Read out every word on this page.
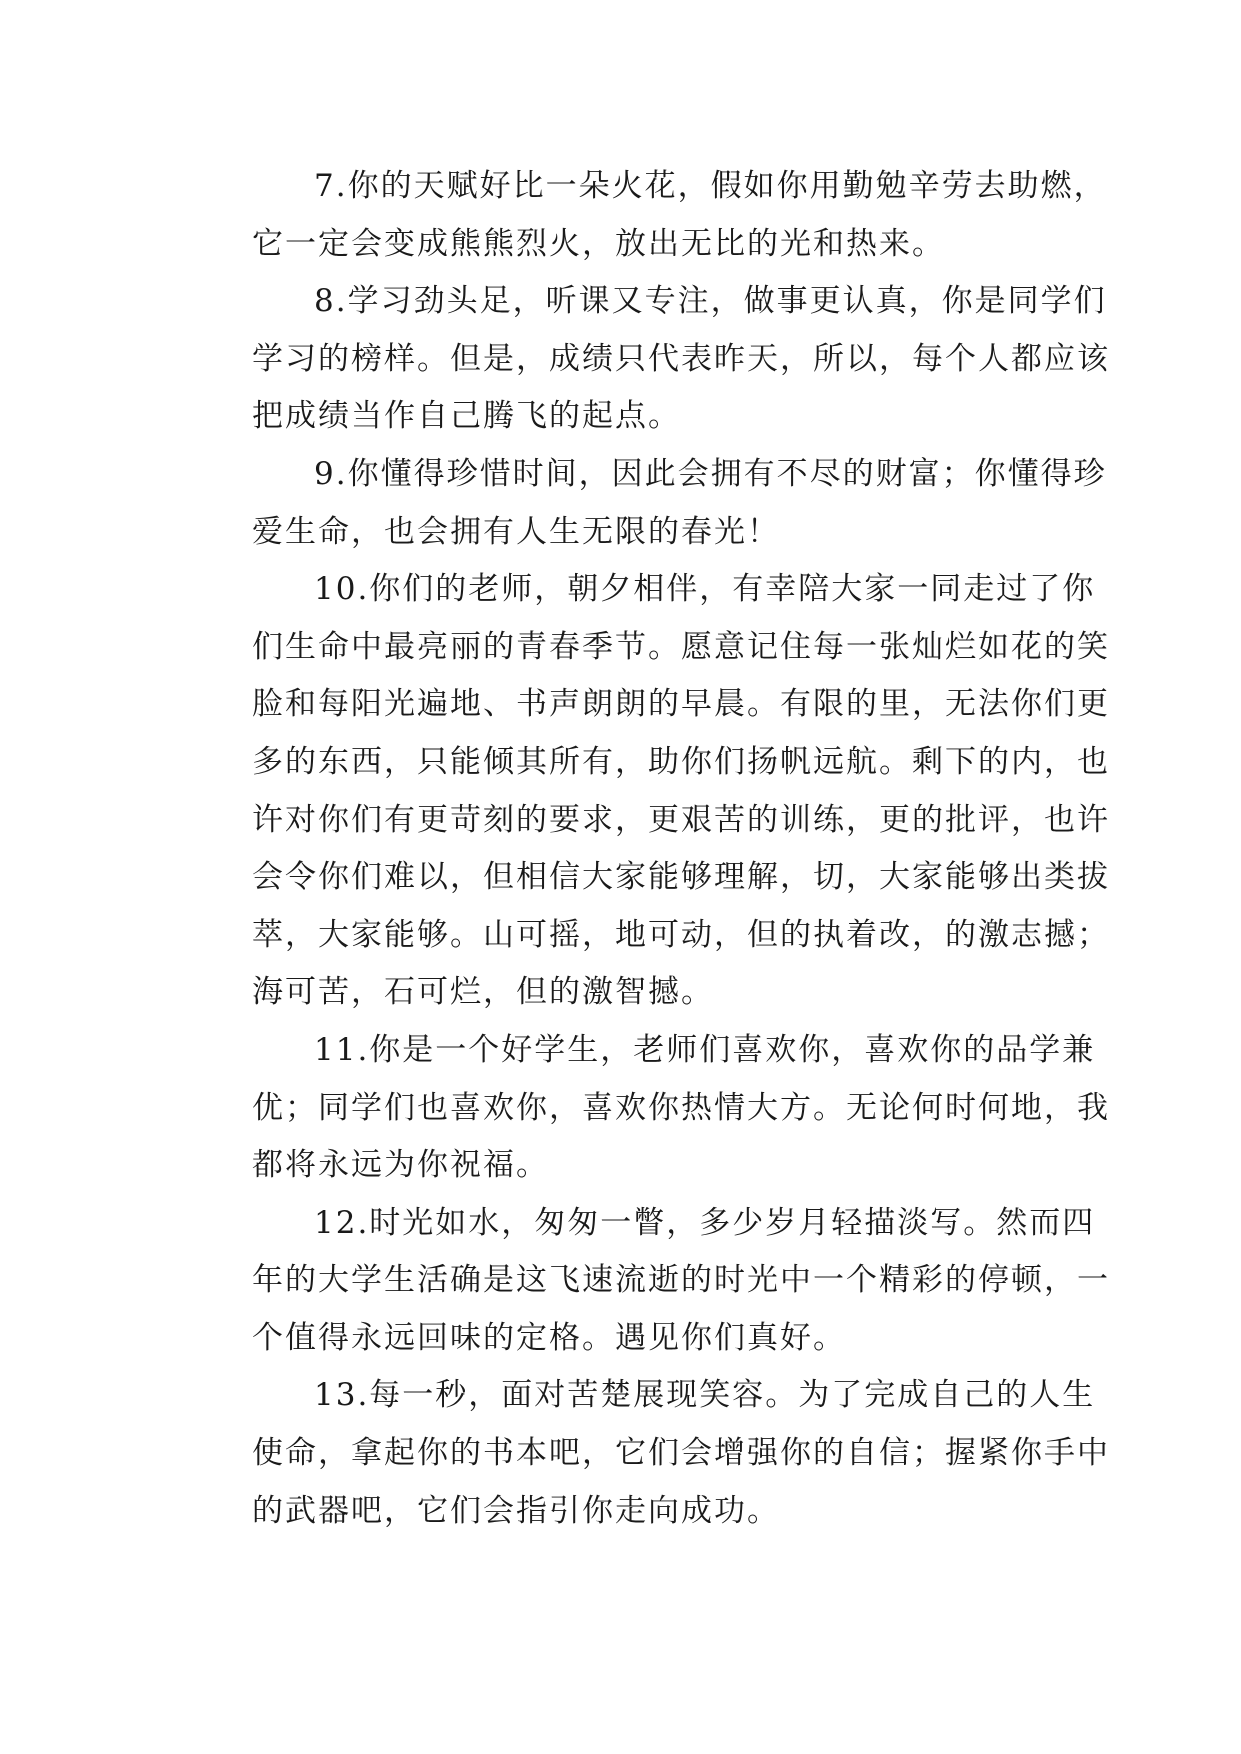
7.你的天赋好比一朵火花，假如你用勤勉辛劳去助燃，
它一定会变成熊熊烈火，放出无比的光和热来。
8.学习劲头足，听课又专注，做事更认真，你是同学们
学习的榜样。但是，成绩只代表昨天，所以，每个人都应该
把成绩当作自己腾飞的起点。
9.你懂得珍惜时间，因此会拥有不尽的财富；你懂得珍
爱生命，也会拥有人生无限的春光！
10.你们的老师，朝夕相伴，有幸陪大家一同走过了你
们生命中最亮丽的青春季节。愿意记住每一张灿烂如花的笑
脸和每阳光遍地、书声朗朗的早晨。有限的里，无法你们更
多的东西，只能倾其所有，助你们扬帆远航。剩下的内，也
许对你们有更苛刻的要求，更艰苦的训练，更的批评，也许
会令你们难以，但相信大家能够理解，切，大家能够出类拔
萃，大家能够。山可摇，地可动，但的执着改，的激志撼；
海可苦，石可烂，但的激智撼。
11.你是一个好学生，老师们喜欢你，喜欢你的品学兼
优；同学们也喜欢你，喜欢你热情大方。无论何时何地，我
都将永远为你祝福。
12.时光如水，匆匆一瞥，多少岁月轻描淡写。然而四
年的大学生活确是这飞速流逝的时光中一个精彩的停顿，一
个值得永远回味的定格。遇见你们真好。
13.每一秒，面对苦楚展现笑容。为了完成自己的人生
使命，拿起你的书本吧，它们会增强你的自信；握紧你手中
的武器吧，它们会指引你走向成功。
